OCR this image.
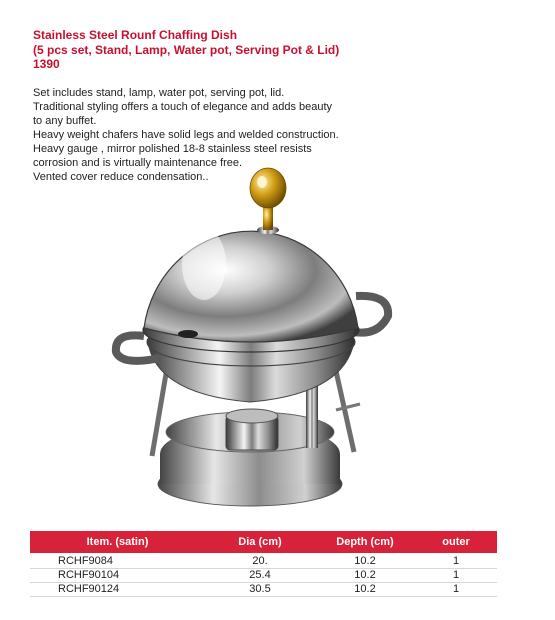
Stainless Steel Rounf Chaffing Dish
(5 pcs set, Stand, Lamp, Water pot, Serving Pot & Lid)
1390
Set includes stand, lamp, water pot, serving pot, lid.
Traditional styling offers a touch of elegance and adds beauty
to any buffet.
Heavy weight chafers have solid legs and welded construction.
Heavy gauge , mirror polished 18-8 stainless steel resists
corrosion and is virtually maintenance free.
Vented cover reduce condensation..
Item. (satin)	Dia (cm)	Depth (cm)	outer
RCHF9084	20.	10.2	1
RCHF90104	25.4	10.2	1
RCHF90124	30.5	10.2	1
